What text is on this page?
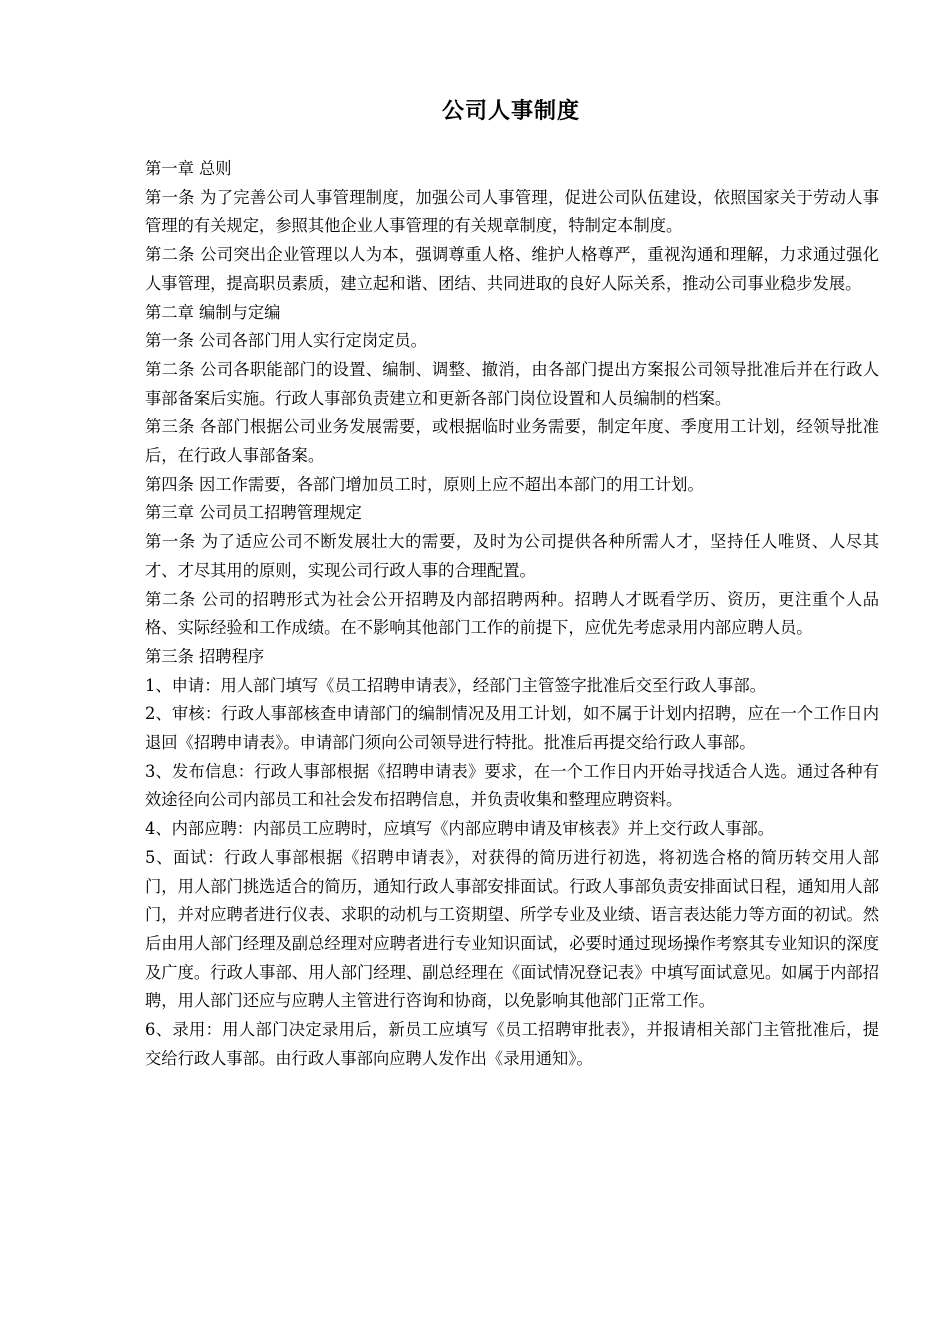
公司人事制度

第一章 总则

第一条 为了完善公司人事管理制度，加强公司人事管理，促进公司队伍建设，依照国家关于劳动人事管理的有关规定，参照其他企业人事管理的有关规章制度，特制定本制度。

第二条 公司突出企业管理以人为本，强调尊重人格、维护人格尊严，重视沟通和理解，力求通过强化人事管理，提高职员素质，建立起和谐、团结、共同进取的良好人际关系，推动公司事业稳步发展。

第二章 编制与定编

第一条 公司各部门用人实行定岗定员。

第二条 公司各职能部门的设置、编制、调整、撤消，由各部门提出方案报公司领导批准后并在行政人事部备案后实施。行政人事部负责建立和更新各部门岗位设置和人员编制的档案。

第三条 各部门根据公司业务发展需要，或根据临时业务需要，制定年度、季度用工计划，经领导批准后，在行政人事部备案。

第四条 因工作需要，各部门增加员工时，原则上应不超出本部门的用工计划。

第三章 公司员工招聘管理规定

第一条 为了适应公司不断发展壮大的需要，及时为公司提供各种所需人才，坚持任人唯贤、人尽其才、才尽其用的原则，实现公司行政人事的合理配置。

第二条 公司的招聘形式为社会公开招聘及内部招聘两种。招聘人才既看学历、资历，更注重个人品格、实际经验和工作成绩。在不影响其他部门工作的前提下，应优先考虑录用内部应聘人员。

第三条 招聘程序

1、申请：用人部门填写《员工招聘申请表》，经部门主管签字批准后交至行政人事部。

2、审核：行政人事部核查申请部门的编制情况及用工计划，如不属于计划内招聘，应在一个工作日内退回《招聘申请表》。申请部门须向公司领导进行特批。批准后再提交给行政人事部。

3、发布信息：行政人事部根据《招聘申请表》要求，在一个工作日内开始寻找适合人选。通过各种有效途径向公司内部员工和社会发布招聘信息，并负责收集和整理应聘资料。

4、内部应聘：内部员工应聘时，应填写《内部应聘申请及审核表》并上交行政人事部。

5、面试：行政人事部根据《招聘申请表》，对获得的简历进行初选，将初选合格的简历转交用人部门，用人部门挑选适合的简历，通知行政人事部安排面试。行政人事部负责安排面试日程，通知用人部门，并对应聘者进行仪表、求职的动机与工资期望、所学专业及业绩、语言表达能力等方面的初试。然后由用人部门经理及副总经理对应聘者进行专业知识面试，必要时通过现场操作考察其专业知识的深度及广度。行政人事部、用人部门经理、副总经理在《面试情况登记表》中填写面试意见。如属于内部招聘，用人部门还应与应聘人主管进行咨询和协商，以免影响其他部门正常工作。

6、录用：用人部门决定录用后，新员工应填写《员工招聘审批表》，并报请相关部门主管批准后，提交给行政人事部。由行政人事部向应聘人发作出《录用通知》。
